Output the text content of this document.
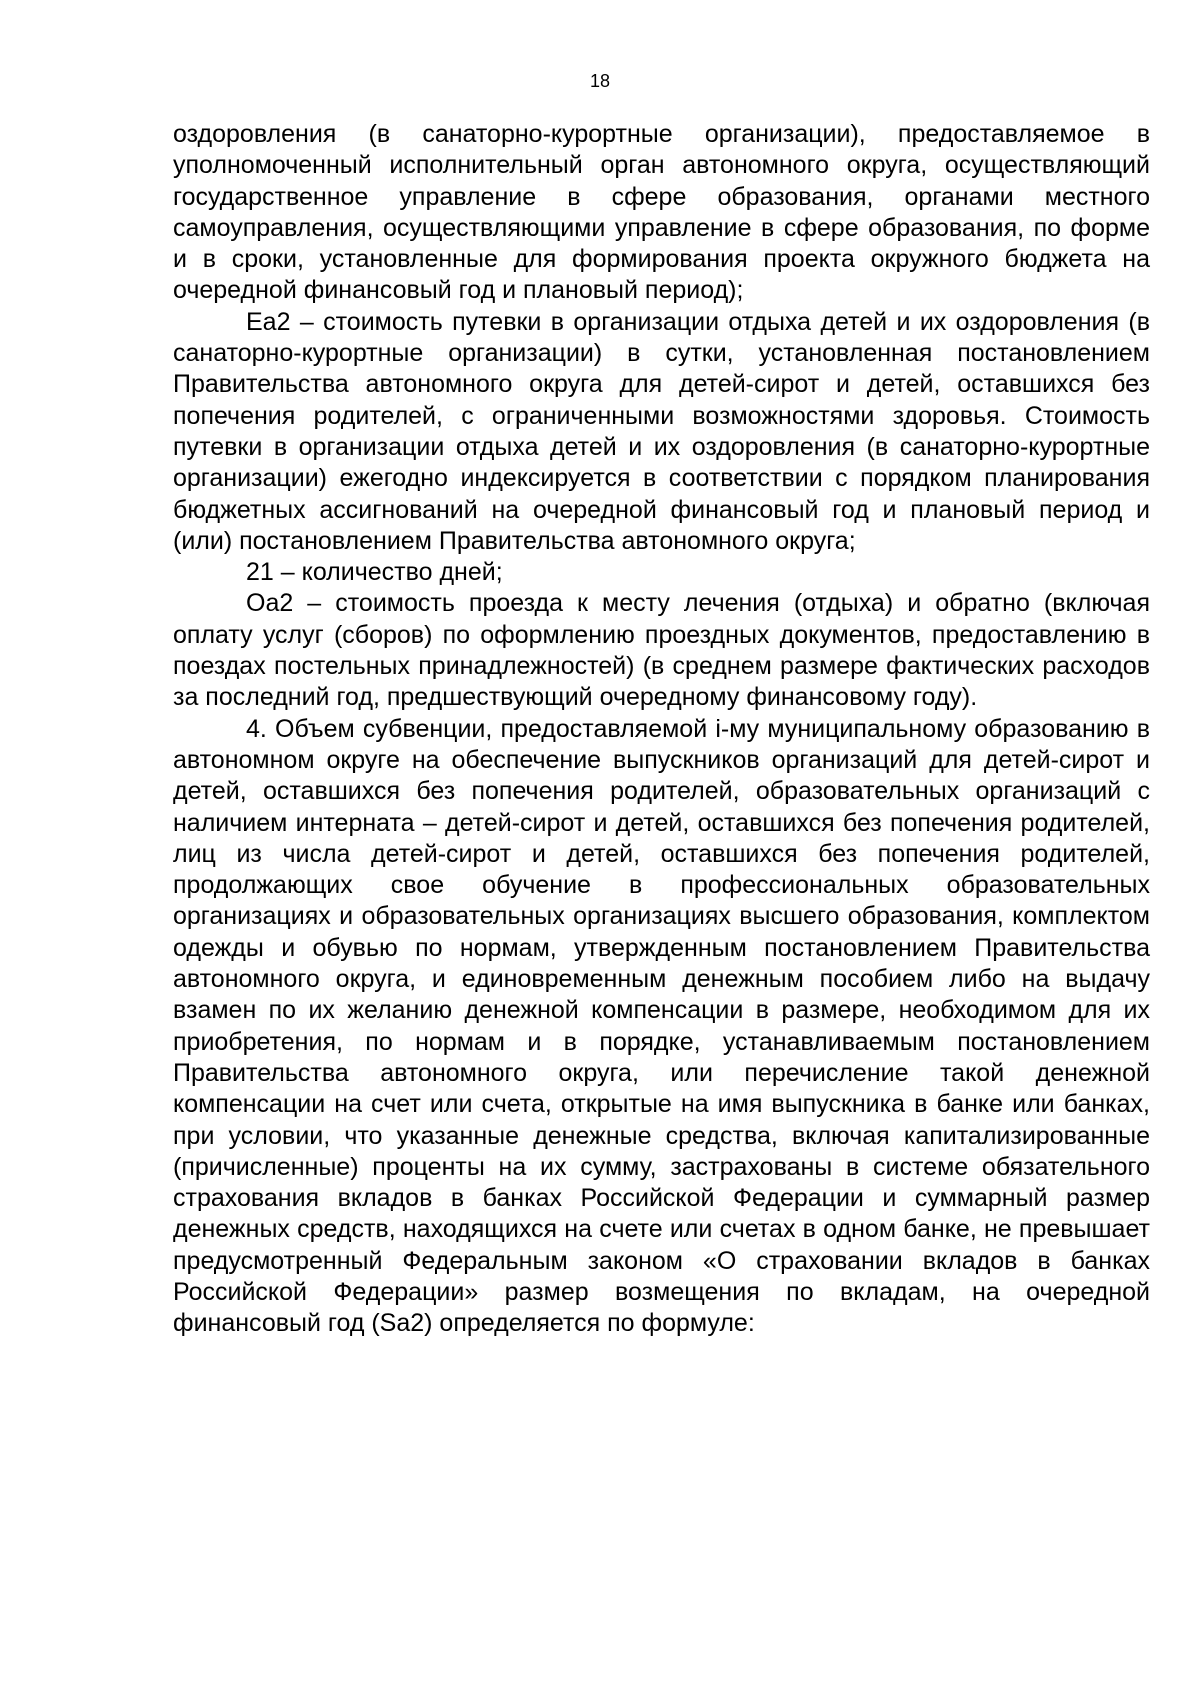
18

оздоровления (в санаторно-курортные организации), предоставляемое в уполномоченный исполнительный орган автономного округа, осуществляющий государственное управление в сфере образования, органами местного самоуправления, осуществляющими управление в сфере образования, по форме и в сроки, установленные для формирования проекта окружного бюджета на очередной финансовый год и плановый период);

Еа2 – стоимость путевки в организации отдыха детей и их оздоровления (в санаторно-курортные организации) в сутки, установленная постановлением Правительства автономного округа для детей-сирот и детей, оставшихся без попечения родителей, с ограниченными возможностями здоровья. Стоимость путевки в организации отдыха детей и их оздоровления (в санаторно-курортные организации) ежегодно индексируется в соответствии с порядком планирования бюджетных ассигнований на очередной финансовый год и плановый период и (или) постановлением Правительства автономного округа;

21 – количество дней;

Оа2 – стоимость проезда к месту лечения (отдыха) и обратно (включая оплату услуг (сборов) по оформлению проездных документов, предоставлению в поездах постельных принадлежностей) (в среднем размере фактических расходов за последний год, предшествующий очередному финансовому году).

4. Объем субвенции, предоставляемой i-му муниципальному образованию в автономном округе на обеспечение выпускников организаций для детей-сирот и детей, оставшихся без попечения родителей, образовательных организаций с наличием интерната – детей-сирот и детей, оставшихся без попечения родителей, лиц из числа детей-сирот и детей, оставшихся без попечения родителей, продолжающих свое обучение в профессиональных образовательных организациях и образовательных организациях высшего образования, комплектом одежды и обувью по нормам, утвержденным постановлением Правительства автономного округа, и единовременным денежным пособием либо на выдачу взамен по их желанию денежной компенсации в размере, необходимом для их приобретения, по нормам и в порядке, устанавливаемым постановлением Правительства автономного округа, или перечисление такой денежной компенсации на счет или счета, открытые на имя выпускника в банке или банках, при условии, что указанные денежные средства, включая капитализированные (причисленные) проценты на их сумму, застрахованы в системе обязательного страхования вкладов в банках Российской Федерации и суммарный размер денежных средств, находящихся на счете или счетах в одном банке, не превышает предусмотренный Федеральным законом «О страховании вкладов в банках Российской Федерации» размер возмещения по вкладам, на очередной финансовый год (Sa2) определяется по формуле:
